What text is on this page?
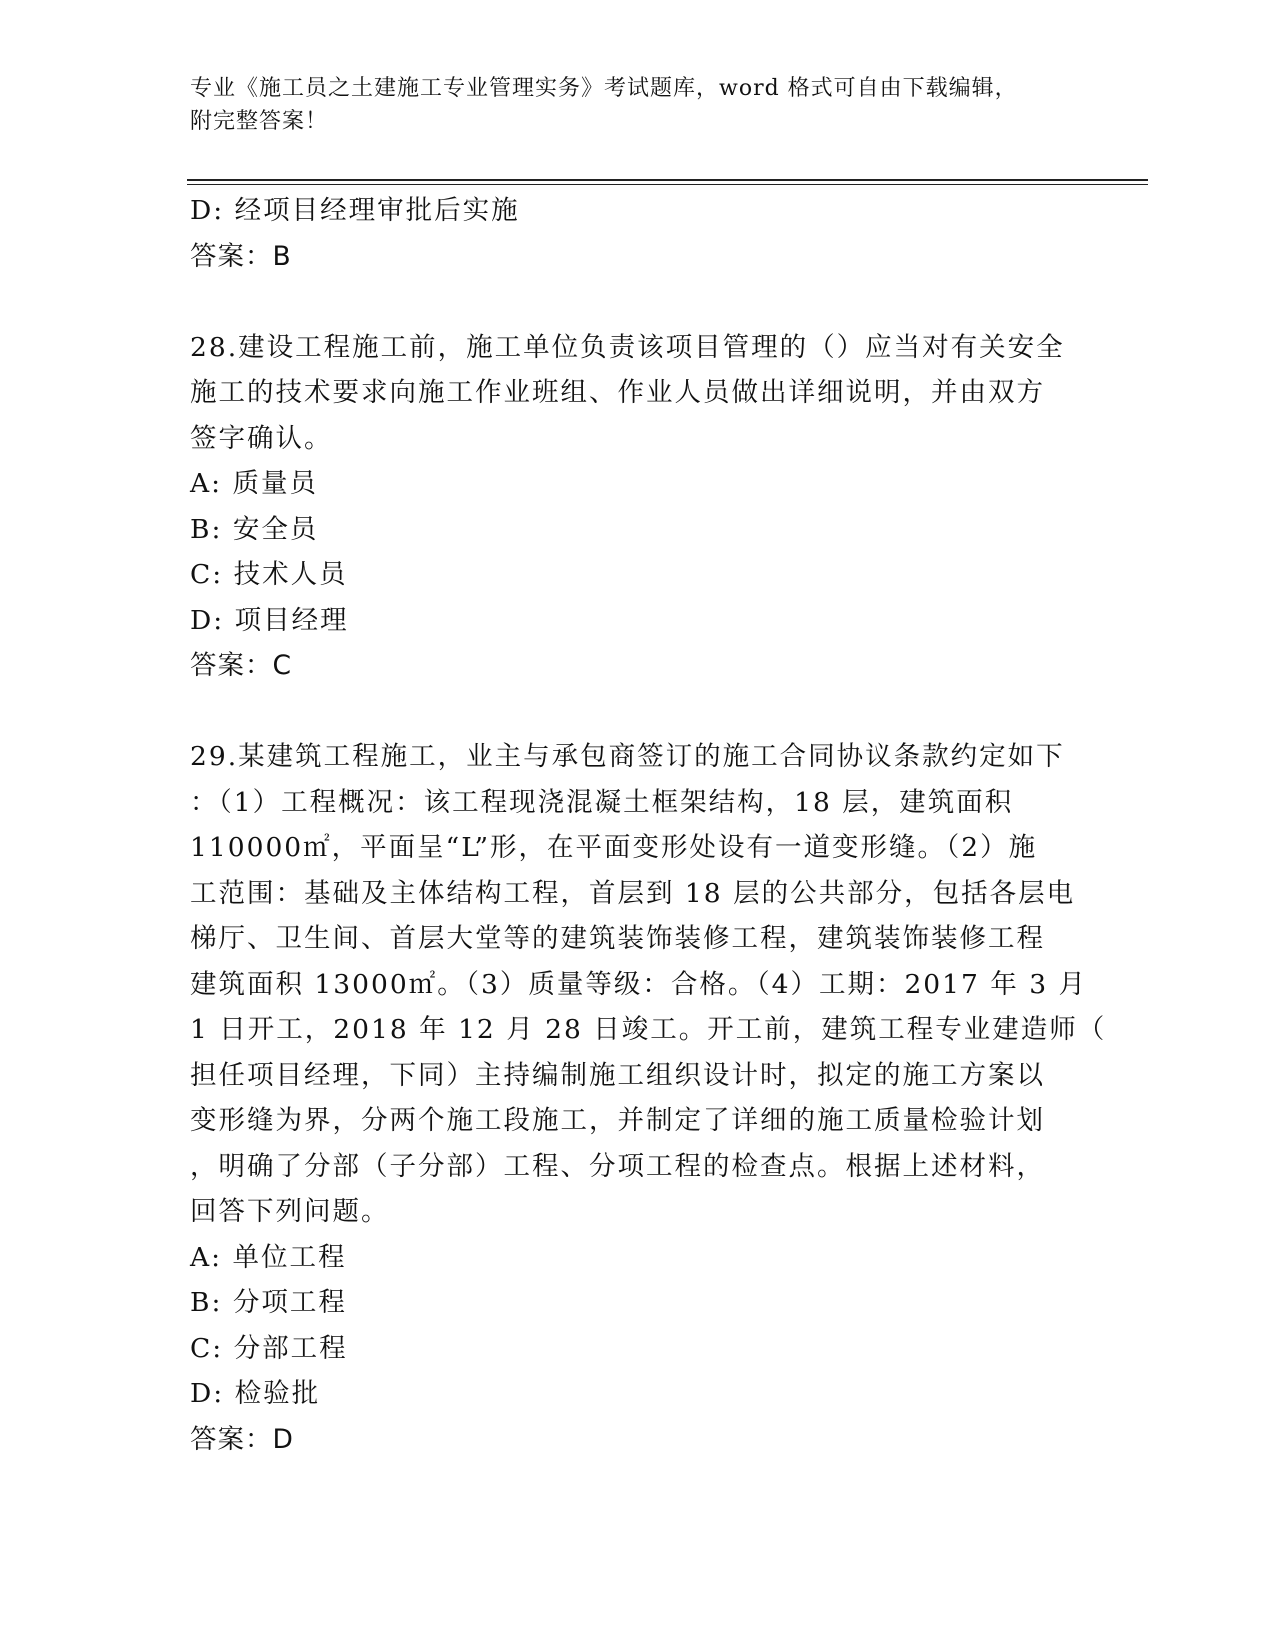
专业《施工员之土建施工专业管理实务》考试题库，word 格式可自由下载编辑，
附完整答案！
D: 经项目经理审批后实施
答案：B
28.建设工程施工前，施工单位负责该项目管理的（）应当对有关安全
施工的技术要求向施工作业班组、作业人员做出详细说明，并由双方
签字确认。
A: 质量员
B: 安全员
C: 技术人员
D: 项目经理
答案：C
29.某建筑工程施工，业主与承包商签订的施工合同协议条款约定如下
：（1）工程概况：该工程现浇混凝土框架结构，18 层，建筑面积
110000㎡，平面呈“L”形，在平面变形处设有一道变形缝。（2）施
工范围：基础及主体结构工程，首层到 18 层的公共部分，包括各层电
梯厅、卫生间、首层大堂等的建筑装饰装修工程，建筑装饰装修工程
建筑面积 13000㎡。（3）质量等级：合格。（4）工期：2017 年 3 月
1 日开工，2018 年 12 月 28 日竣工。开工前，建筑工程专业建造师（
担任项目经理，下同）主持编制施工组织设计时，拟定的施工方案以
变形缝为界，分两个施工段施工，并制定了详细的施工质量检验计划
，明确了分部（子分部）工程、分项工程的检查点。根据上述材料，
回答下列问题。
A: 单位工程
B: 分项工程
C: 分部工程
D: 检验批
答案：D
